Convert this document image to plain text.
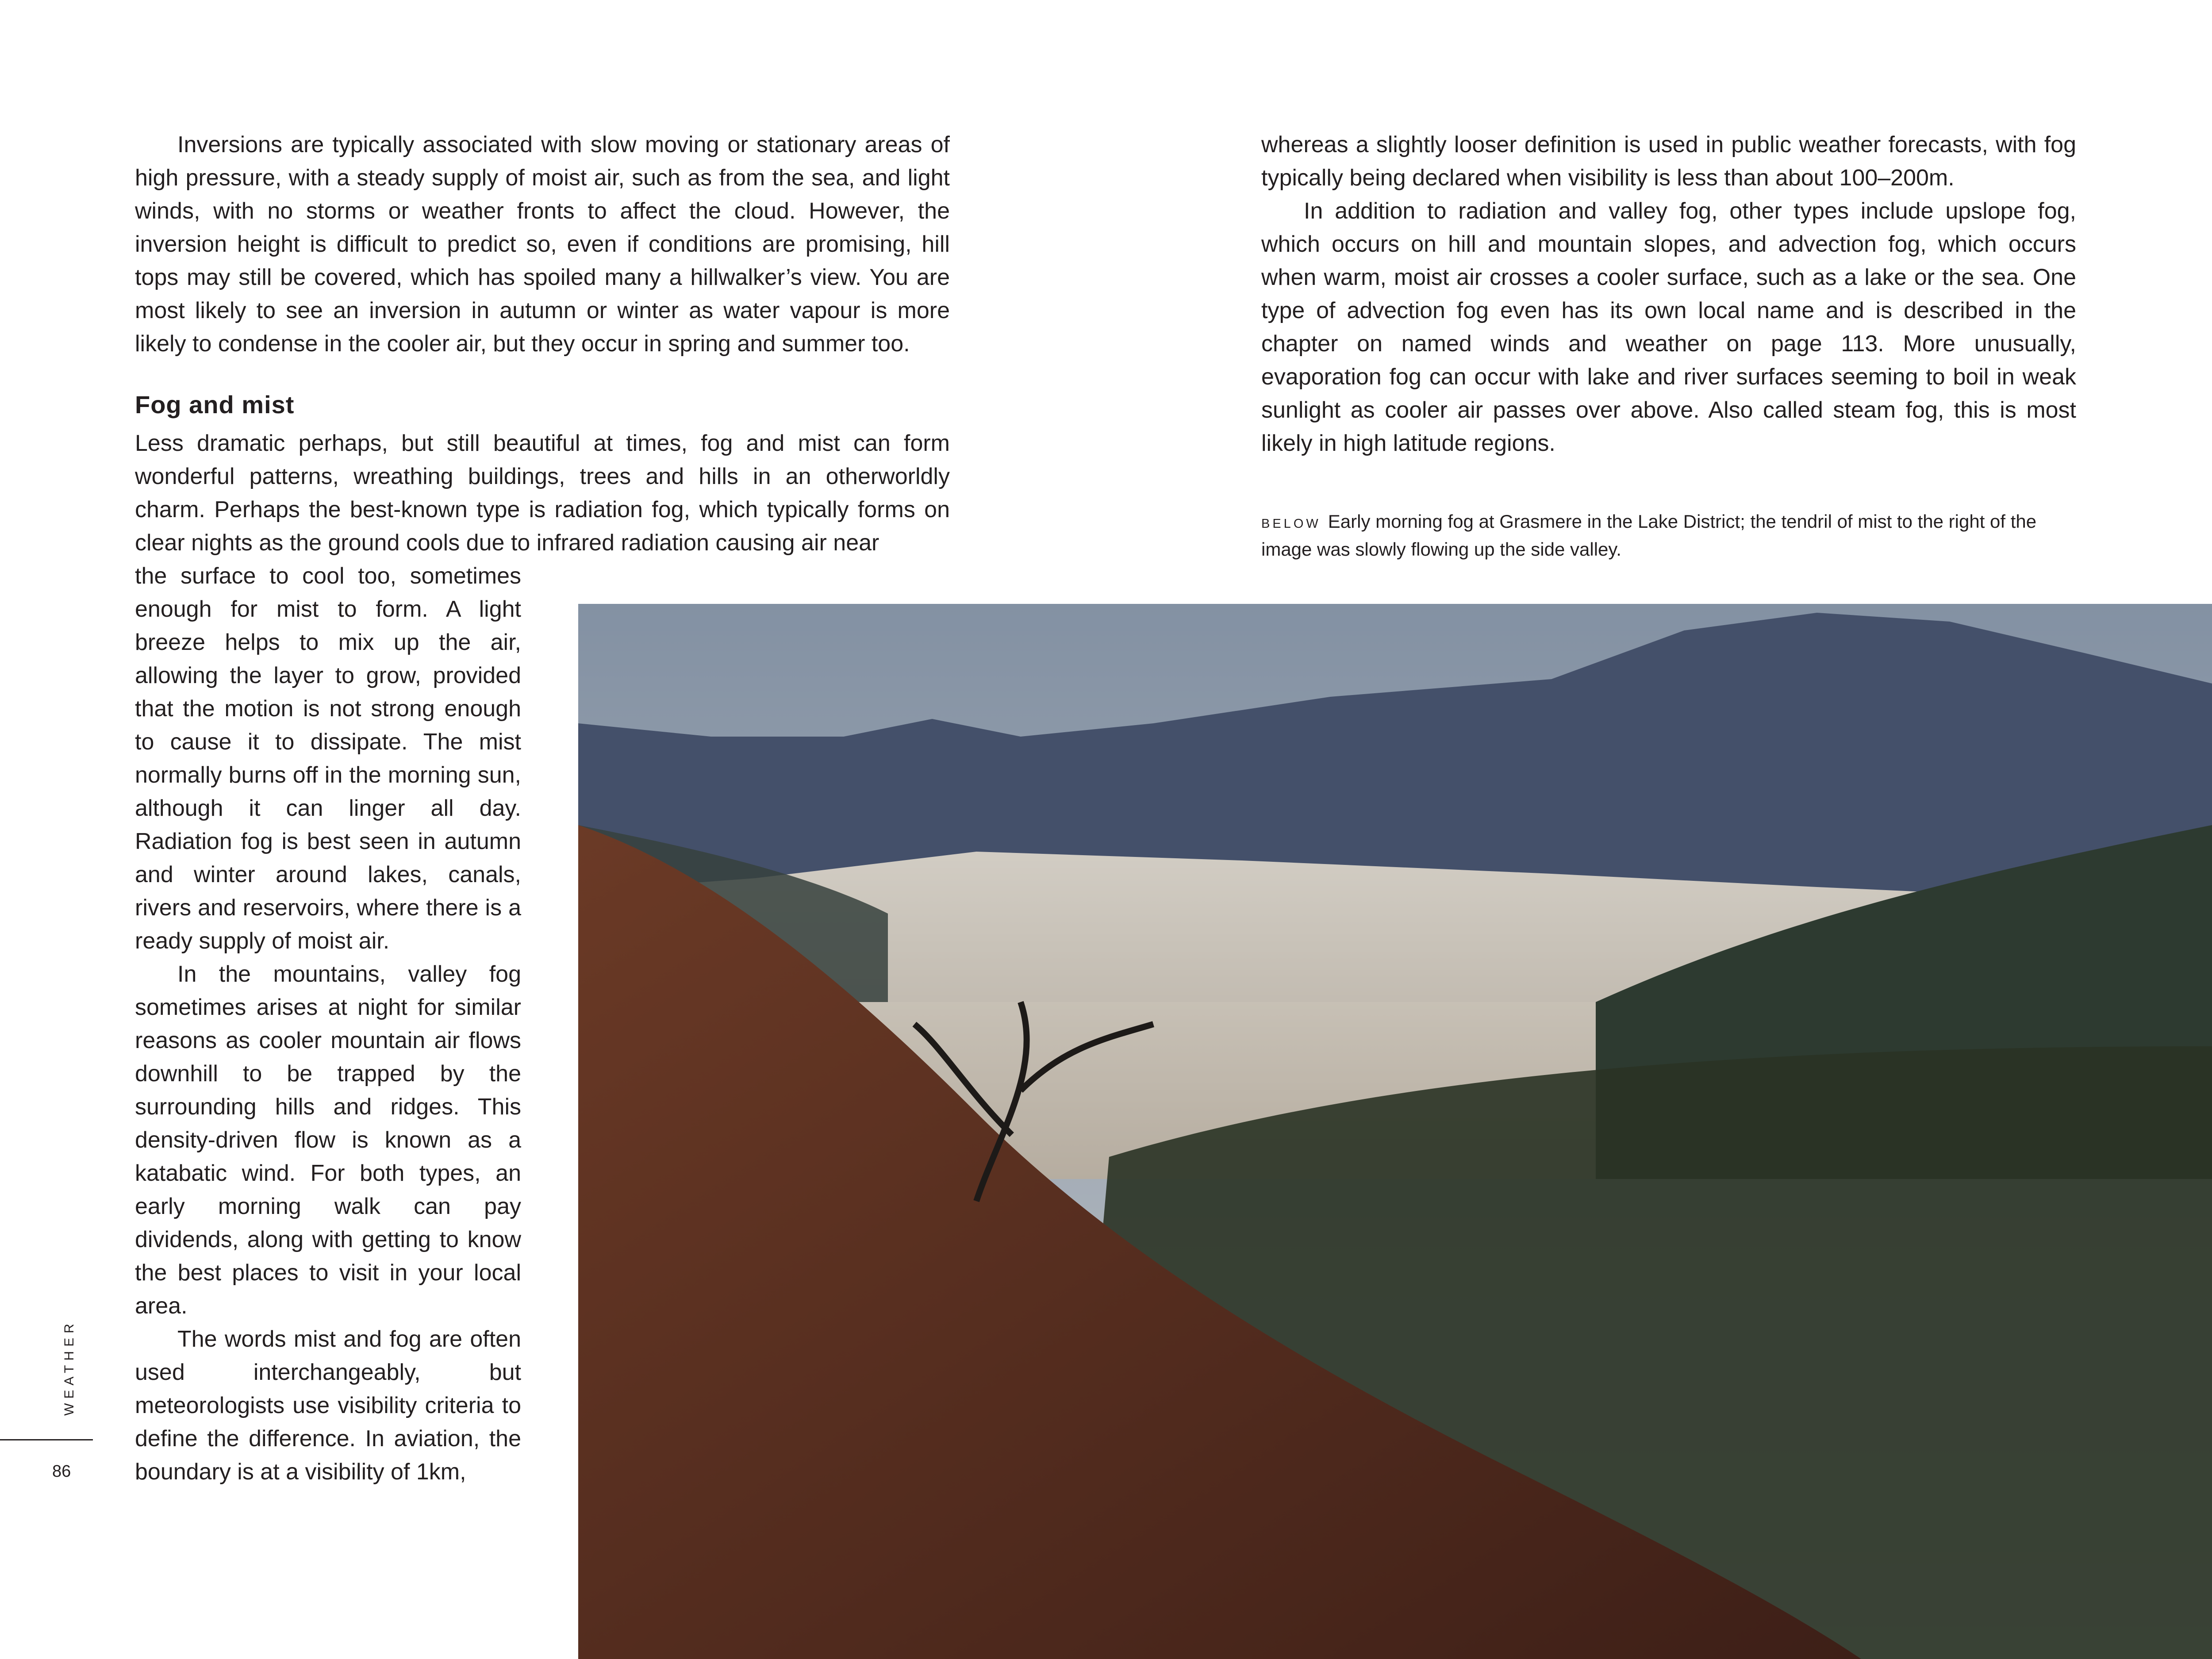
Inversions are typically associated with slow moving or stationary areas of high pressure, with a steady supply of moist air, such as from the sea, and light winds, with no storms or weather fronts to affect the cloud. However, the inversion height is difficult to predict so, even if conditions are promising, hill tops may still be covered, which has spoiled many a hillwalker’s view. You are most likely to see an inversion in autumn or winter as water vapour is more likely to condense in the cooler air, but they occur in spring and summer too.

Fog and mist

Less dramatic perhaps, but still beautiful at times, fog and mist can form wonderful patterns, wreathing buildings, trees and hills in an otherworldly charm. Perhaps the best-known type is radiation fog, which typically forms on clear nights as the ground cools due to infrared radiation causing air near

the surface to cool too, sometimes enough for mist to form. A light breeze helps to mix up the air, allowing the layer to grow, provided that the motion is not strong enough to cause it to dissipate. The mist normally burns off in the morning sun, although it can linger all day. Radiation fog is best seen in autumn and winter around lakes, canals, rivers and reservoirs, where there is a ready supply of moist air.

In the mountains, valley fog sometimes arises at night for similar reasons as cooler mountain air flows downhill to be trapped by the surrounding hills and ridges. This density-driven flow is known as a katabatic wind. For both types, an early morning walk can pay dividends, along with getting to know the best places to visit in your local area.

The words mist and fog are often used interchangeably, but meteorologists use visibility criteria to define the difference. In aviation, the boundary is at a visibility of 1km,

whereas a slightly looser definition is used in public weather forecasts, with fog typically being declared when visibility is less than about 100–200m.

In addition to radiation and valley fog, other types include upslope fog, which occurs on hill and mountain slopes, and advection fog, which occurs when warm, moist air crosses a cooler surface, such as a lake or the sea. One type of advection fog even has its own local name and is described in the chapter on named winds and weather on page 113. More unusually, evaporation fog can occur with lake and river surfaces seeming to boil in weak sunlight as cooler air passes over above. Also called steam fog, this is most likely in high latitude regions.

BELOW Early morning fog at Grasmere in the Lake District; the tendril of mist to the right of the image was slowly flowing up the side valley.
WEATHER
86
